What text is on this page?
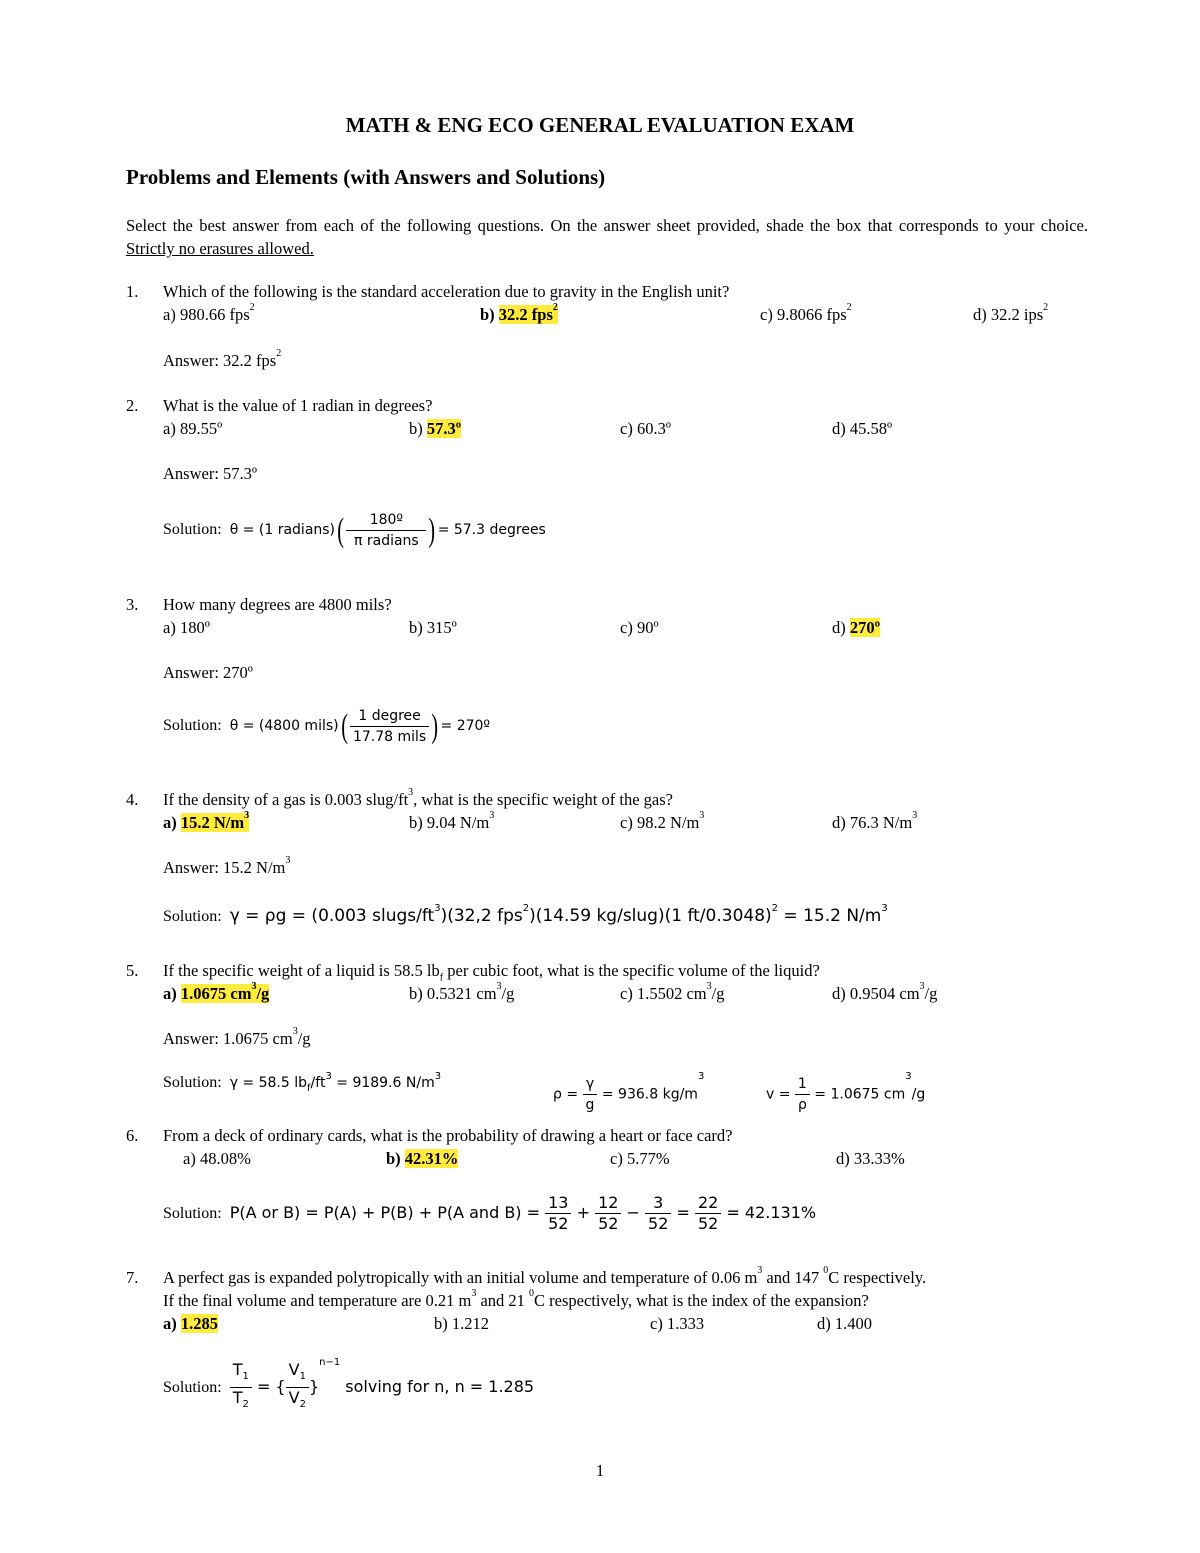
MATH & ENG ECO GENERAL EVALUATION EXAM
Problems and Elements (with Answers and Solutions)
Select the best answer from each of the following questions. On the answer sheet provided, shade the box that corresponds to your choice. Strictly no erasures allowed.
1. Which of the following is the standard acceleration due to gravity in the English unit?
a) 980.66 fps$^2$	b) 32.2 fps$^2$	c) 9.8066 fps$^2$	d) 32.2 ips$^2$
Answer: 32.2 fps$^2$
2. What is the value of 1 radian in degrees?
a) 89.55º	b) 57.3º	c) 60.3º	d) 45.58º
Answer: 57.3º
Solution: θ = (1 radians)( $\frac{\text{180º}}{\text{π radians}}$ ) = 57.3 degrees
3. How many degrees are 4800 mils?
a) 180º	b) 315º	c) 90º	d) 270º
Answer: 270º
Solution: θ = (4800 mils)( $\frac{\text{1 degree}}{\text{17.78 mils}}$ ) = 270º
4. If the density of a gas is 0.003 slug/$ft^3$, what is the specific weight of the gas?
a) 15.2 $N/m^3$	b) 9.04 $N/m^3$	c) 98.2 $N/m^3$	d) 76.3 $N/m^3$
Answer: 15.2 $N/m^3$
Solution: γ = ρg = (0.003 slugs/$ft^3)(32,2$ fps$^2$)(14.59 kg/slug)(1 ft/0.3048)$^2$ = 15.2 $N/m^3$
5. If the specific weight of a liquid is 58.5 $lb_f$ per cubic foot, what is the specific volume of the liquid?
a) 1.0675 $cm^3/g$	b) 0.5321 $cm^3/g$	c) 1.5502 $cm^3/g$	d) 0.9504 $cm^3/g$
Answer: 1.0675 $cm^3/g$
Solution: γ = 58.5 $lb_f/ft^3 = 9189.6$ $N/m^3$
$\rho = \frac{\gamma}{g} = 936.8$ $kg/m^3$
$v = \frac{1}{\rho} = 1.0675$ $cm^3/g$
6. From a deck of ordinary cards, what is the probability of drawing a heart or face card?
a) 48.08%	b) 42.31%	c) 5.77%	d) 33.33%
Solution: P(A or B) = P(A) + P(B) + P(A and $B) = \frac{13}{52} + \frac{12}{52} - \frac{3}{52} = \frac{22}{52} = 42.131\%$
7. A perfect gas is expanded polytropically with an initial volume and temperature of 0.06 $m^3$ and 147 $^0$C respectively.
If the final volume and temperature are 0.21 $m^3$ and 21 $^0$C respectively, what is the index of the expansion?
a) 1.285	b) 1.212	c) 1.333	d) 1.400
Solution: $\frac{T_1}{T_2}$ = { $\frac{V_1}{V_2} \}^{n-1}$ solving for n, n = 1.285
1
